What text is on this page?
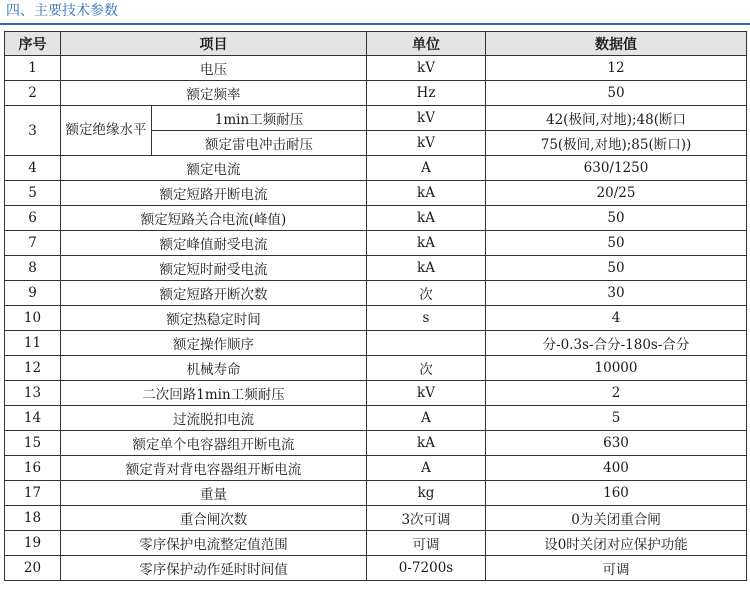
四、主要技术参数
序号	项目		单位	数据值
1	电压		kV	12
2	额定频率		Hz	50
3	额定绝缘水平	1min工频耐压	kV	42(极间,对地);48(断口
		额定雷电冲击耐压	kV	75(极间,对地);85(断口))
4	额定电流		A	630/1250
5	额定短路开断电流		kA	20/25
6	额定短路关合电流(峰值)		kA	50
7	额定峰值耐受电流		kA	50
8	额定短时耐受电流		kA	50
9	额定短路开断次数		次	30
10	额定热稳定时间		s	4
11	额定操作顺序			分-0.3s-合分-180s-合分
12	机械寿命		次	10000
13	二次回路1min工频耐压		kV	2
14	过流脱扣电流		A	5
15	额定单个电容器组开断电流		kA	630
16	额定背对背电容器组开断电流		A	400
17	重量		kg	160
18	重合闸次数		3次可调	0为关闭重合闸
19	零序保护电流整定值范围		可调	设0时关闭对应保护功能
20	零序保护动作延时时间值		0-7200s	可调
